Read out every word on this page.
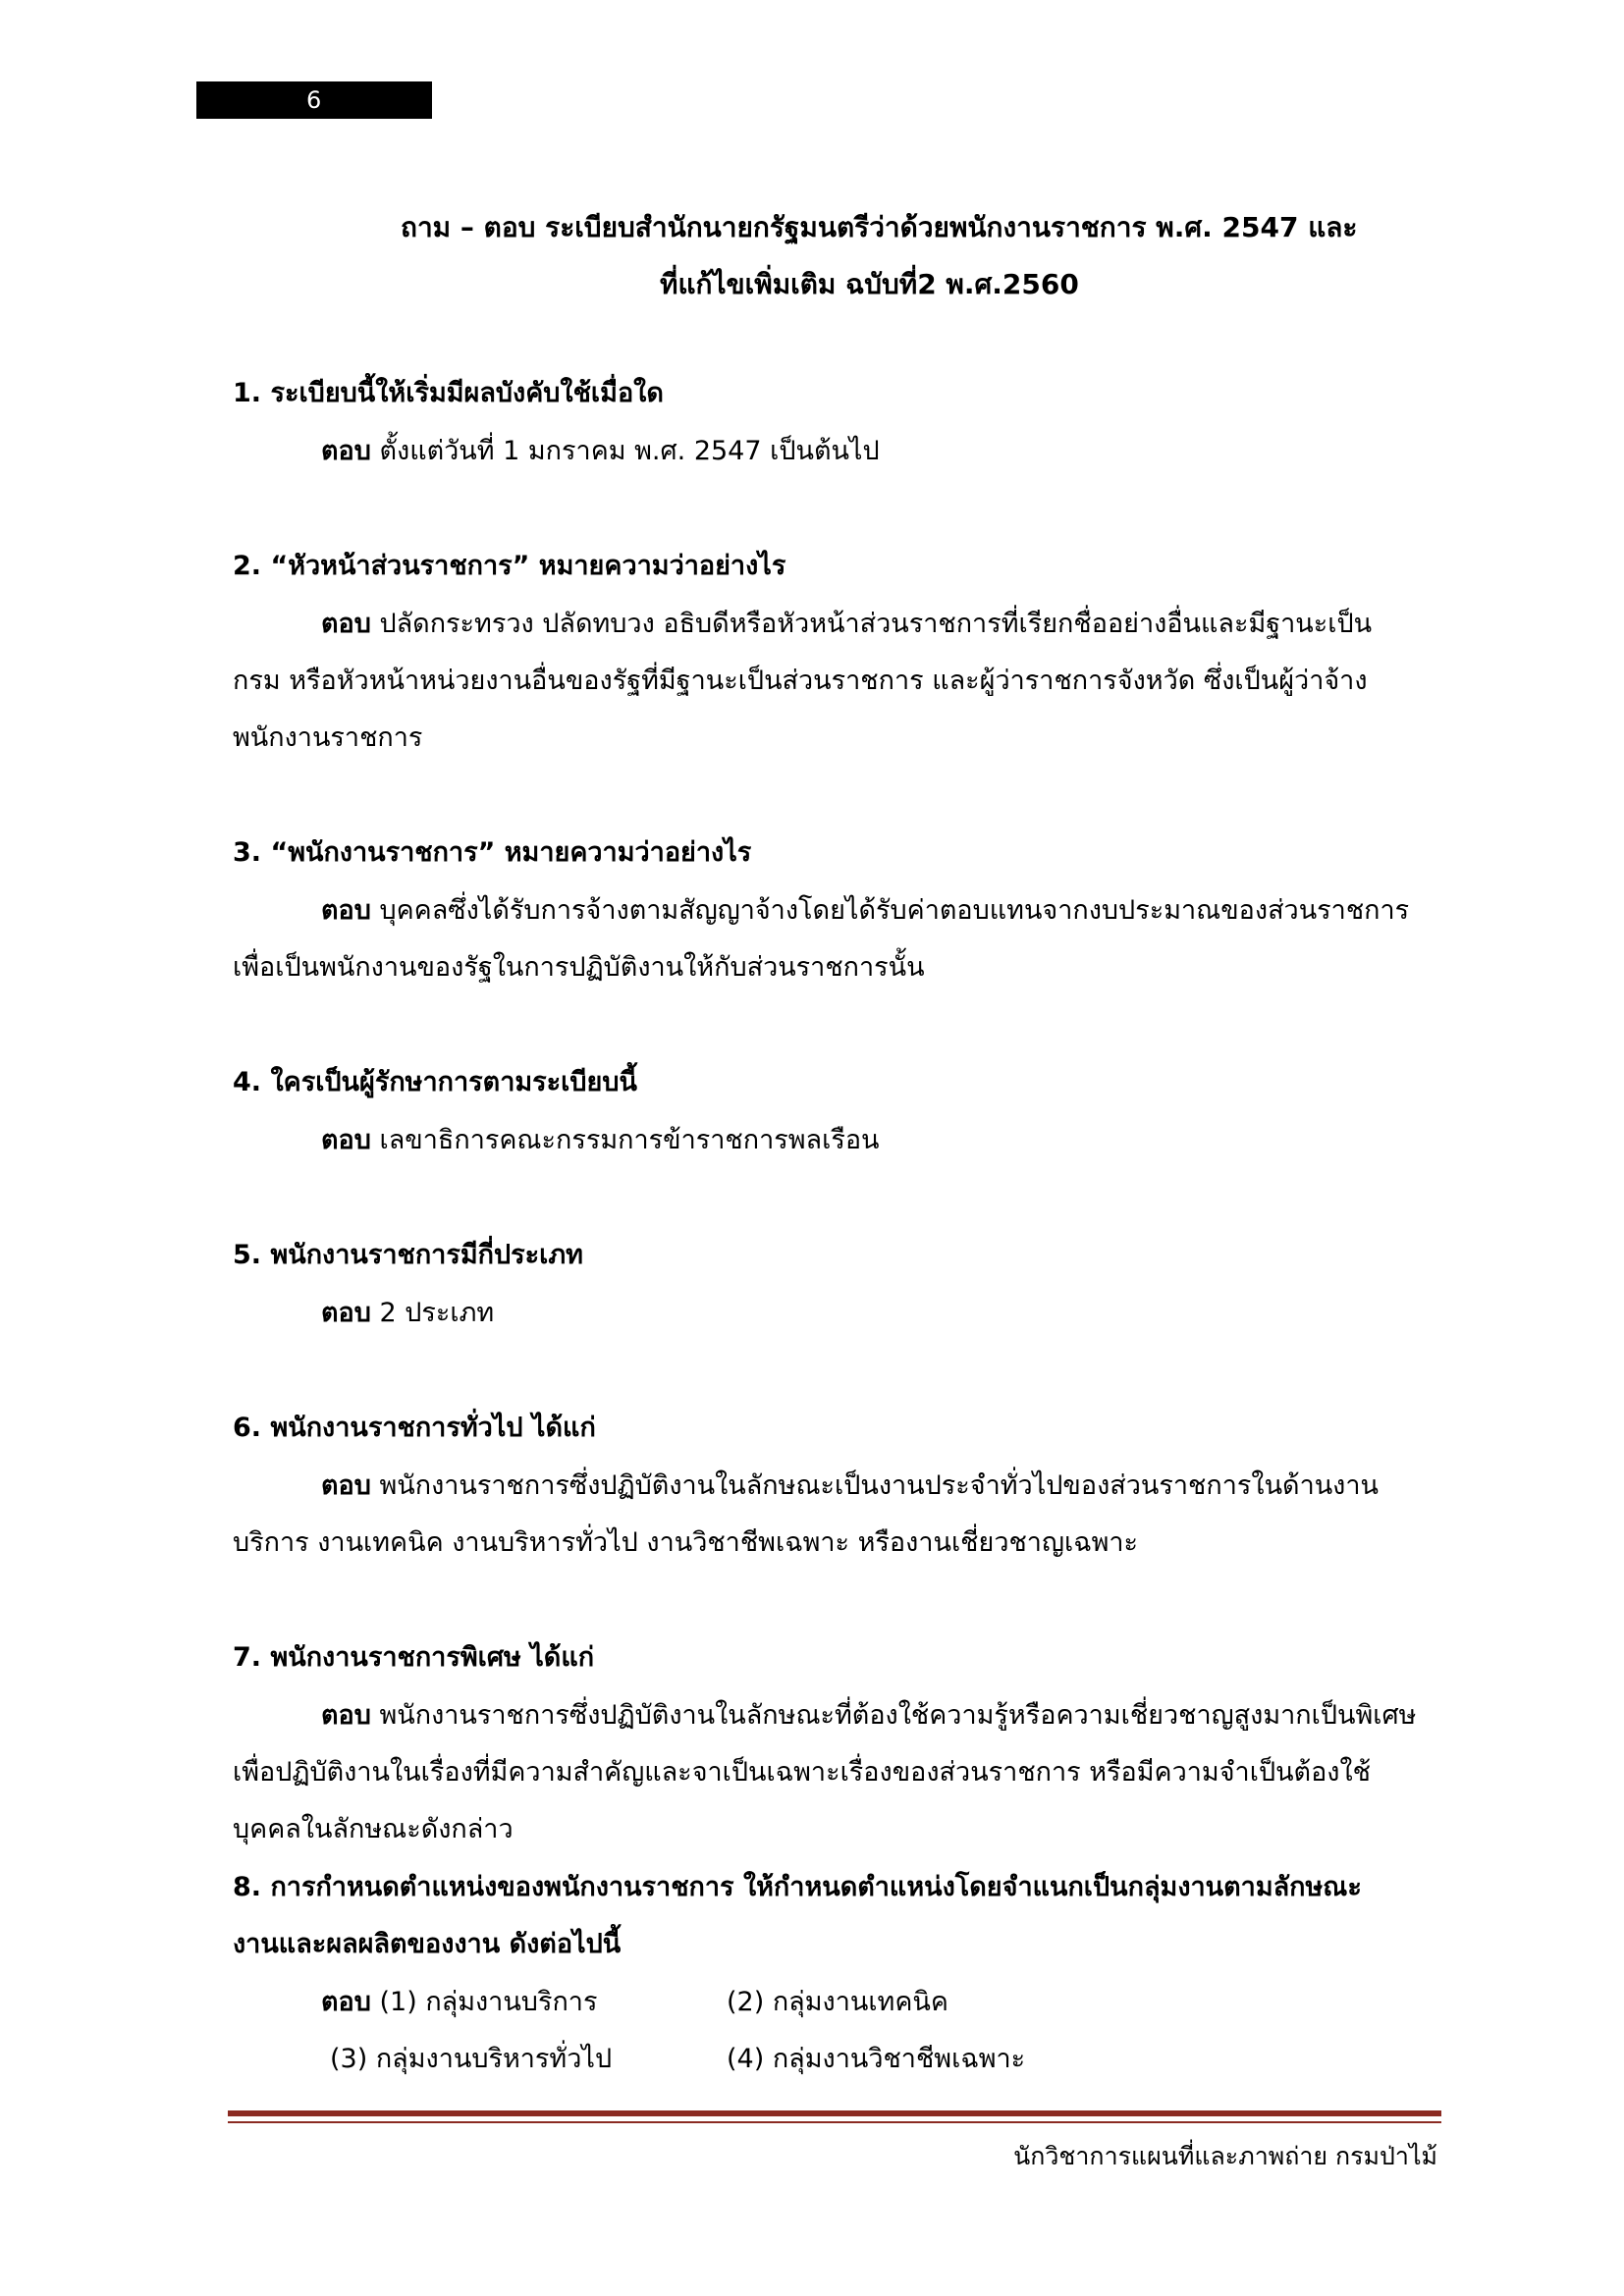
6
ถาม – ตอบ ระเบียบสำนักนายกรัฐมนตรีว่าด้วยพนักงานราชการ พ.ศ. 2547 และ
ที่แก้ไขเพิ่มเติม ฉบับที่2 พ.ศ.2560
1. ระเบียบนี้ให้เริ่มมีผลบังคับใช้เมื่อใด
ตอบ ตั้งแต่วันที่ 1 มกราคม พ.ศ. 2547 เป็นต้นไป
2. “หัวหน้าส่วนราชการ” หมายความว่าอย่างไร
ตอบ ปลัดกระทรวง ปลัดทบวง อธิบดีหรือหัวหน้าส่วนราชการที่เรียกชื่ออย่างอื่นและมีฐานะเป็น
กรม หรือหัวหน้าหน่วยงานอื่นของรัฐที่มีฐานะเป็นส่วนราชการ และผู้ว่าราชการจังหวัด ซึ่งเป็นผู้ว่าจ้าง
พนักงานราชการ
3. “พนักงานราชการ” หมายความว่าอย่างไร
ตอบ บุคคลซึ่งได้รับการจ้างตามสัญญาจ้างโดยได้รับค่าตอบแทนจากงบประมาณของส่วนราชการ
เพื่อเป็นพนักงานของรัฐในการปฏิบัติงานให้กับส่วนราชการนั้น
4. ใครเป็นผู้รักษาการตามระเบียบนี้
ตอบ เลขาธิการคณะกรรมการข้าราชการพลเรือน
5. พนักงานราชการมีกี่ประเภท
ตอบ 2 ประเภท
6. พนักงานราชการทั่วไป ได้แก่
ตอบ พนักงานราชการซึ่งปฏิบัติงานในลักษณะเป็นงานประจำทั่วไปของส่วนราชการในด้านงาน
บริการ งานเทคนิค งานบริหารทั่วไป งานวิชาชีพเฉพาะ หรืองานเชี่ยวชาญเฉพาะ
7. พนักงานราชการพิเศษ ได้แก่
ตอบ พนักงานราชการซึ่งปฏิบัติงานในลักษณะที่ต้องใช้ความรู้หรือความเชี่ยวชาญสูงมากเป็นพิเศษ
เพื่อปฏิบัติงานในเรื่องที่มีความสำคัญและจาเป็นเฉพาะเรื่องของส่วนราชการ หรือมีความจำเป็นต้องใช้
บุคคลในลักษณะดังกล่าว
8. การกำหนดตำแหน่งของพนักงานราชการ ให้กำหนดตำแหน่งโดยจำแนกเป็นกลุ่มงานตามลักษณะ
งานและผลผลิตของงาน ดังต่อไปนี้
ตอบ (1) กลุ่มงานบริการ	(2) กลุ่มงานเทคนิค
(3) กลุ่มงานบริหารทั่วไป	(4) กลุ่มงานวิชาชีพเฉพาะ
นักวิชาการแผนที่และภาพถ่าย กรมป่าไม้
